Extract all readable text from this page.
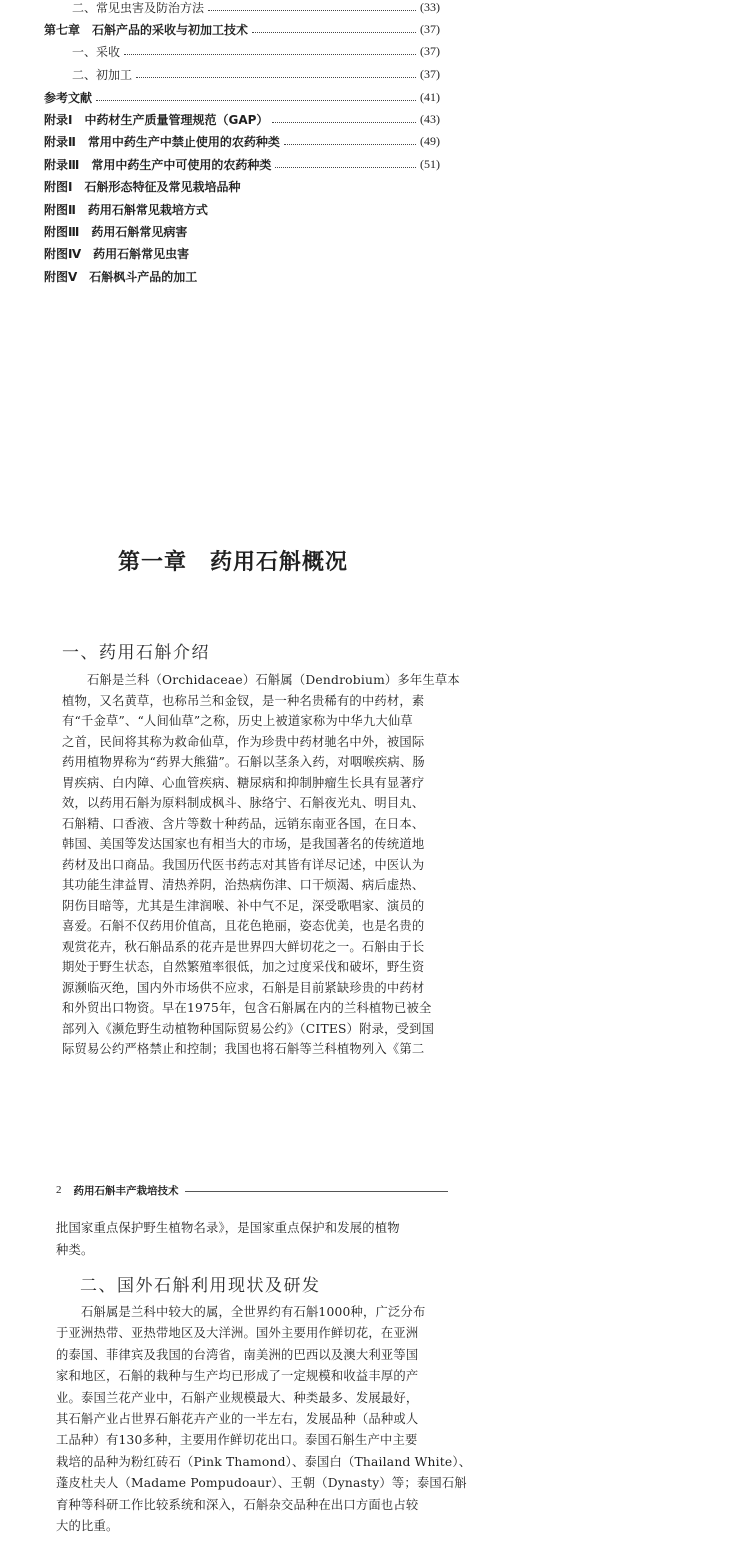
二、常见虫害及防治方法	(33)
第七章　石斛产品的采收与初加工技术	(37)
一、采收	(37)
二、初加工	(37)
参考文献	(41)
附录Ⅰ　中药材生产质量管理规范（GAP）	(43)
附录Ⅱ　常用中药生产中禁止使用的农药种类	(49)
附录Ⅲ　常用中药生产中可使用的农药种类	(51)
附图Ⅰ　石斛形态特征及常见栽培品种
附图Ⅱ　药用石斛常见栽培方式
附图Ⅲ　药用石斛常见病害
附图Ⅳ　药用石斛常见虫害
附图Ⅴ　石斛枫斗产品的加工
第一章　药用石斛概况
一、药用石斛介绍
　　石斛是兰科（Orchidaceae）石斛属（Dendrobium）多年生草本
植物，又名黄草，也称吊兰和金钗，是一种名贵稀有的中药材，素
有“千金草”、“人间仙草”之称，历史上被道家称为中华九大仙草
之首，民间将其称为救命仙草，作为珍贵中药材驰名中外，被国际
药用植物界称为“药界大熊猫”。石斛以茎条入药，对咽喉疾病、肠
胃疾病、白内障、心血管疾病、糖尿病和抑制肿瘤生长具有显著疗
效，以药用石斛为原料制成枫斗、脉络宁、石斛夜光丸、明目丸、
石斛精、口香液、含片等数十种药品，远销东南亚各国，在日本、
韩国、美国等发达国家也有相当大的市场，是我国著名的传统道地
药材及出口商品。我国历代医书药志对其皆有详尽记述，中医认为
其功能生津益胃、清热养阴，治热病伤津、口干烦渴、病后虚热、
阴伤目暗等，尤其是生津润喉、补中气不足，深受歌唱家、演员的
喜爱。石斛不仅药用价值高，且花色艳丽，姿态优美，也是名贵的
观赏花卉，秋石斛品系的花卉是世界四大鲜切花之一。石斛由于长
期处于野生状态，自然繁殖率很低，加之过度采伐和破坏，野生资
源濒临灭绝，国内外市场供不应求，石斛是目前紧缺珍贵的中药材
和外贸出口物资。早在1975年，包含石斛属在内的兰科植物已被全
部列入《濒危野生动植物种国际贸易公约》（CITES）附录，受到国
际贸易公约严格禁止和控制；我国也将石斛等兰科植物列入《第二
2 药用石斛丰产栽培技术
批国家重点保护野生植物名录》，是国家重点保护和发展的植物
种类。
二、国外石斛利用现状及研发
　　石斛属是兰科中较大的属，全世界约有石斛1000种，广泛分布
于亚洲热带、亚热带地区及大洋洲。国外主要用作鲜切花，在亚洲
的泰国、菲律宾及我国的台湾省，南美洲的巴西以及澳大利亚等国
家和地区，石斛的栽种与生产均已形成了一定规模和收益丰厚的产
业。泰国兰花产业中，石斛产业规模最大、种类最多、发展最好，
其石斛产业占世界石斛花卉产业的一半左右，发展品种（品种或人
工品种）有130多种，主要用作鲜切花出口。泰国石斛生产中主要
栽培的品种为粉红砖石（Pink Thamond）、泰国白（Thailand White）、
蓬皮杜夫人（Madame Pompudoaur）、王朝（Dynasty）等；泰国石斛
育种等科研工作比较系统和深入，石斛杂交品种在出口方面也占较
大的比重。
